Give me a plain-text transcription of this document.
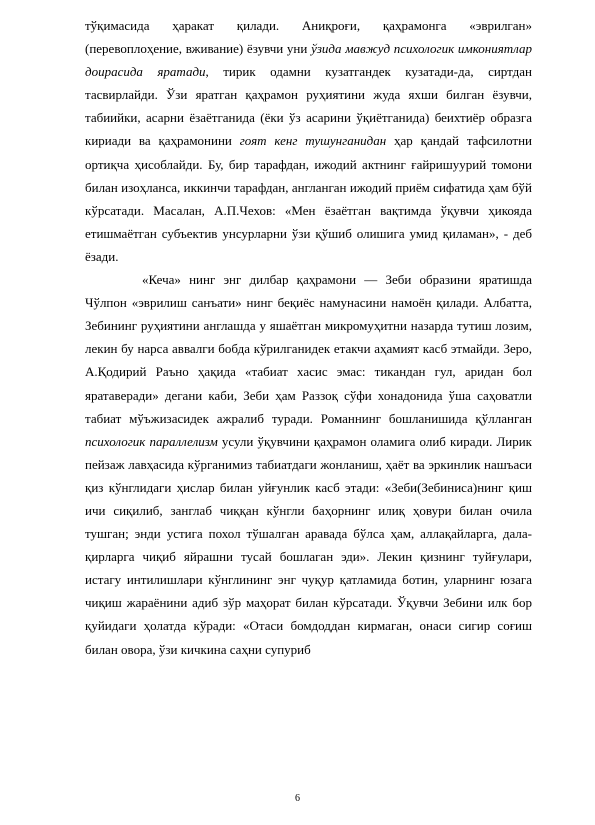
тўқимасида ҳаракат қилади. Аниқроғи, қаҳрамонга «эврилган» (перевоплоҳение, вживание) ёзувчи уни ўзида мавжуд психологик имкониятлар доирасида яратади, тирик одамни кузатгандек кузатади-да, сиртдан тасвирлайди. Ўзи яратган қаҳрамон руҳиятини жуда яхши билган ёзувчи, табиийки, асарни ёзаётганида (ёки ўз асарини ўқиётганида) беихтиёр образга кириади ва қаҳрамонини гоят кенг тушунганидан ҳар қандай тафсилотни ортиқча ҳисоблайди. Бу, бир тарафдан, ижодий актнинг ғайришуурий томони билан изоҳланса, иккинчи тарафдан, англанган ижодий приём сифатида ҳам бўй кўрсатади. Масалан, А.П.Чехов: «Мен ёзаётган вақтимда ўқувчи ҳикояда етишмаётган субъектив унсурларни ўзи қўшиб олишига умид қиламан», - деб ёзади.

«Кеча» нинг энг дилбар қаҳрамони — Зеби образини яратишда Чўлпон «эврилиш санъати» нинг беқиёс намунасини намоён қилади. Албатта, Зебининг руҳиятини англашда у яшаётган микромуҳитни назарда тутиш лозим, лекин бу нарса аввалги бобда кўрилганидек етакчи аҳамият касб этмайди. Зеро, А.Қодирий Раъно ҳақида «табиат хасис эмас: тикандан гул, аридан бол яратаверади» дегани каби, Зеби ҳам Раззоқ сўфи хонадонида ўша саҳоватли табиат мўъжизасидек ажралиб туради. Романнинг бошланишида қўлланган психологик параллелизм усули ўқувчини қаҳрамон оламига олиб киради. Лирик пейзаж лавҳасида кўрганимиз табиатдаги жонланиш, ҳаёт ва эркинлик нашъаси қиз кўнглидаги ҳислар билан уйғунлик касб этади: «Зеби(Зебиниса)нинг қиш ичи сиқилиб, занглаб чиққан кўнгли баҳорнинг илиқ ҳовури билан очила тушган; энди устига похол тўшалган аравада бўлса ҳам, аллақайларга, дала-қирларга чиқиб яйрашни тусай бошлаган эди». Лекин қизнинг туйғулари, истагу интилишлари кўнглининг энг чуқур қатламида ботин, уларнинг юзага чиқиш жараёнини адиб зўр маҳорат билан кўрсатади. Ўқувчи Зебини илк бор қуйидаги ҳолатда кўради: «Отаси бомдоддан кирмаган, онаси сигир соғиш билан овора, ўзи кичкина саҳни супуриб

6
